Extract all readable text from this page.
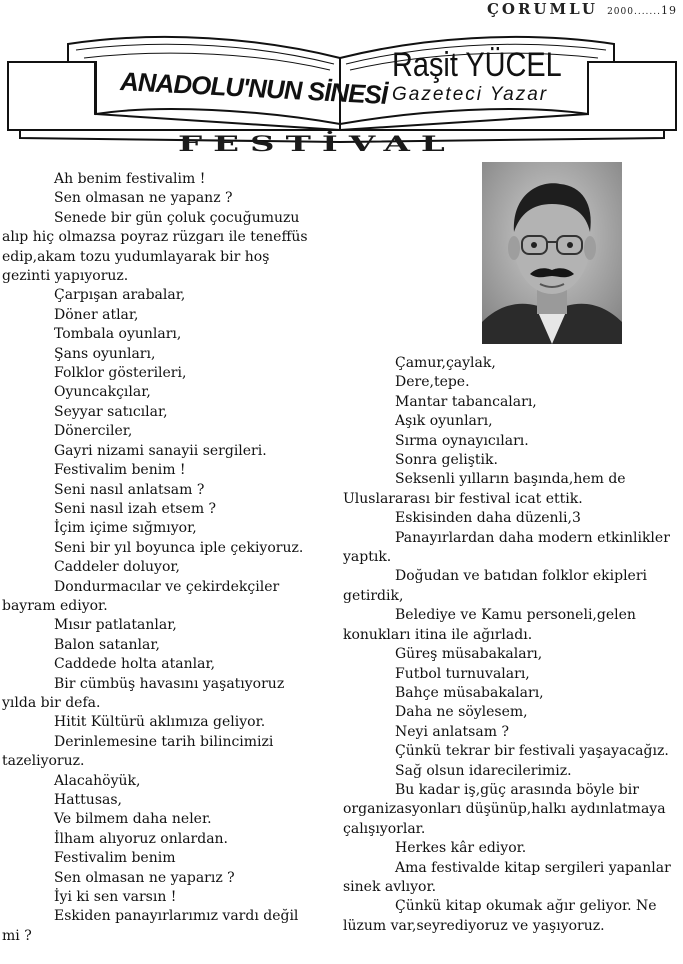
ÇORUMLU 2000.......19
ANADOLU'NUN SİNESİ
Raşit YÜCEL
Gazeteci Yazar
FESTİVAL

Ah benim festivalim !

Sen olmasan ne yapanz ?

Senede bir gün çoluk çocuğumuzu alıp hiç olmazsa poyraz rüzgarı ile teneffüs edip,akam tozu yudumlayarak bir hoş gezinti yapıyoruz.

Çarpışan arabalar,

Döner atlar,

Tombala oyunları,

Şans oyunları,

Folklor gösterileri,

Oyuncakçılar,

Seyyar satıcılar,

Dönerciler,

Gayri nizami sanayii sergileri.

Festivalim benim !

Seni nasıl anlatsam ?

Seni nasıl izah etsem ?

İçim içime sığmıyor,

Seni bir yıl boyunca iple çekiyoruz.

Caddeler doluyor,

Dondurmacılar ve çekirdekçiler bayram ediyor.

Mısır patlatanlar,

Balon satanlar,

Caddede holta atanlar,

Bir cümbüş havasını yaşatıyoruz yılda bir defa.

Hitit Kültürü aklımıza geliyor.

Derinlemesine tarih bilincimizi tazeliyoruz.

Alacahöyük,

Hattusas,

Ve bilmem daha neler.

İlham alıyoruz onlardan.

Festivalim benim

Sen olmasan ne yaparız ?

İyi ki sen varsın !

Eskiden panayırlarımız vardı değil mi ?

Çamur,çaylak,

Dere,tepe.

Mantar tabancaları,

Aşık oyunları,

Sırma oynayıcıları.

Sonra geliştik.

Seksenli yılların başında,hem de

Uluslararası bir festival icat ettik.

Eskisinden daha düzenli,3

Panayırlardan daha modern etkinlikler yaptık.

Doğudan ve batıdan folklor ekipleri getirdik,

Belediye ve Kamu personeli,gelen konukları itina ile ağırladı.

Güreş müsabakaları,

Futbol turnuvaları,

Bahçe müsabakaları,

Daha ne söylesem,

Neyi anlatsam ?

Çünkü tekrar bir festivali yaşayacağız.

Sağ olsun idarecilerimiz.

Bu kadar iş,güç arasında böyle bir organizasyonları düşünüp,halkı aydınlatmaya çalışıyorlar.

Herkes kâr ediyor.

Ama festivalde kitap sergileri yapanlar sinek avlıyor.

Çünkü kitap okumak ağır geliyor. Ne lüzum var,seyrediyoruz ve yaşıyoruz.
